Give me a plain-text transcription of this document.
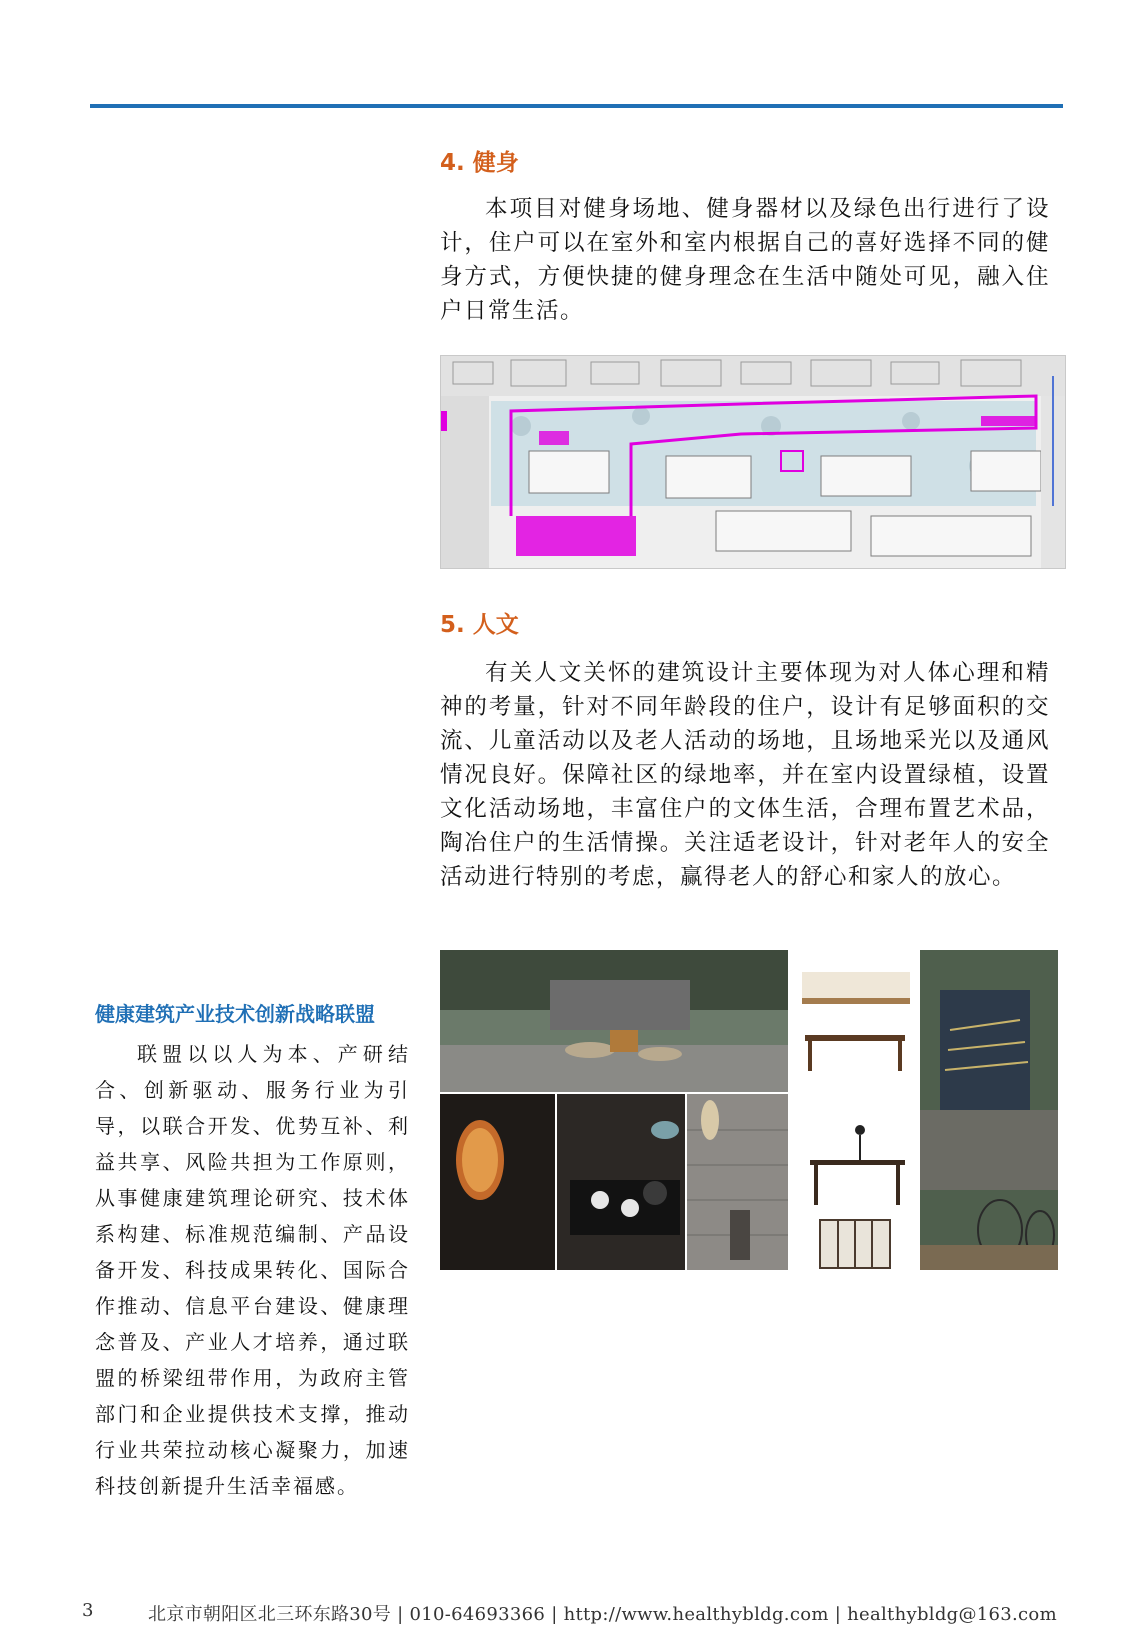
4. 健身

本项目对健身场地、健身器材以及绿色出行进行了设计，住户可以在室外和室内根据自己的喜好选择不同的健身方式，方便快捷的健身理念在生活中随处可见，融入住户日常生活。

5. 人文

有关人文关怀的建筑设计主要体现为对人体心理和精神的考量，针对不同年龄段的住户，设计有足够面积的交流、儿童活动以及老人活动的场地，且场地采光以及通风情况良好。保障社区的绿地率，并在室内设置绿植，设置文化活动场地，丰富住户的文体生活，合理布置艺术品，陶冶住户的生活情操。关注适老设计，针对老年人的安全活动进行特别的考虑，赢得老人的舒心和家人的放心。

健康建筑产业技术创新战略联盟

联盟以以人为本、产研结合、创新驱动、服务行业为引导，以联合开发、优势互补、利益共享、风险共担为工作原则，从事健康建筑理论研究、技术体系构建、标准规范编制、产品设备开发、科技成果转化、国际合作推动、信息平台建设、健康理念普及、产业人才培养，通过联盟的桥梁纽带作用，为政府主管部门和企业提供技术支撑，推动行业共荣拉动核心凝聚力，加速科技创新提升生活幸福感。

3	北京市朝阳区北三环东路30号 | 010-64693366 | http://www.healthybldg.com | healthybldg@163.com
